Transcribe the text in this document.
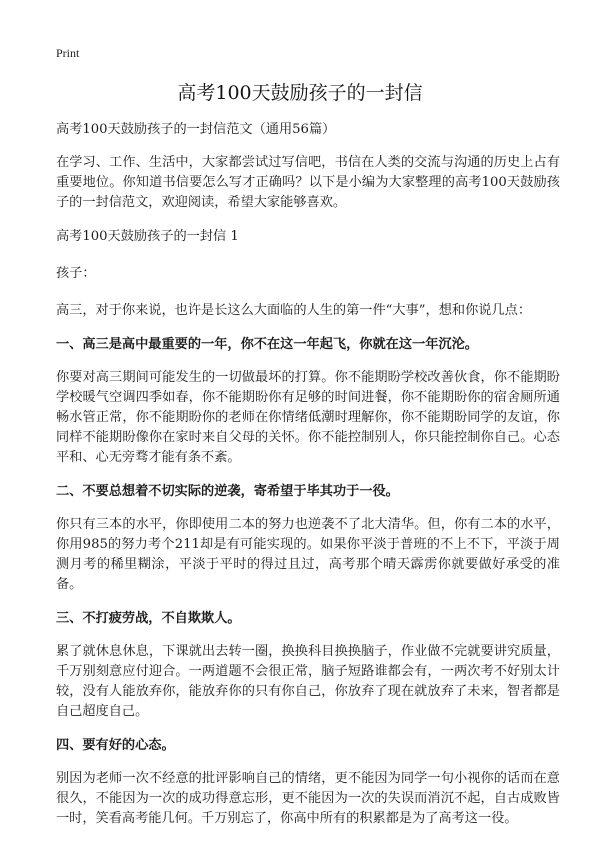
Print
高考100天鼓励孩子的一封信

高考100天鼓励孩子的一封信范文（通用56篇）

在学习、工作、生活中，大家都尝试过写信吧，书信在人类的交流与沟通的历史上占有重要地位。你知道书信要怎么写才正确吗？以下是小编为大家整理的高考100天鼓励孩子的一封信范文，欢迎阅读，希望大家能够喜欢。

高考100天鼓励孩子的一封信 1

孩子：

高三，对于你来说，也许是长这么大面临的人生的第一件“大事”，想和你说几点：

一、高三是高中最重要的一年，你不在这一年起飞，你就在这一年沉沦。

你要对高三期间可能发生的一切做最坏的打算。你不能期盼学校改善伙食，你不能期盼学校暖气空调四季如春，你不能期盼你有足够的时间进餐，你不能期盼你的宿舍厕所通畅水管正常，你不能期盼你的老师在你情绪低潮时理解你，你不能期盼同学的友谊，你同样不能期盼像你在家时来自父母的关怀。你不能控制别人，你只能控制你自己。心态平和、心无旁骛才能有条不紊。

二、不要总想着不切实际的逆袭，寄希望于毕其功于一役。

你只有三本的水平，你即使用二本的努力也逆袭不了北大清华。但，你有二本的水平，你用985的努力考个211却是有可能实现的。如果你平淡于普班的不上不下，平淡于周测月考的稀里糊涂，平淡于平时的得过且过，高考那个晴天霹雳你就要做好承受的准备。

三、不打疲劳战，不自欺欺人。

累了就休息休息，下课就出去转一圈，换换科目换换脑子，作业做不完就要讲究质量，千万别刻意应付迎合。一两道题不会很正常，脑子短路谁都会有，一两次考不好别太计较，没有人能放弃你，能放弃你的只有你自己，你放弃了现在就放弃了未来，智者都是自己超度自己。

四、要有好的心态。

别因为老师一次不经意的批评影响自己的情绪，更不能因为同学一句小视你的话而在意很久，不能因为一次的成功得意忘形，更不能因为一次的失误而消沉不起，自古成败皆一时，笑看高考能几何。千万别忘了，你高中所有的积累都是为了高考这一役。
